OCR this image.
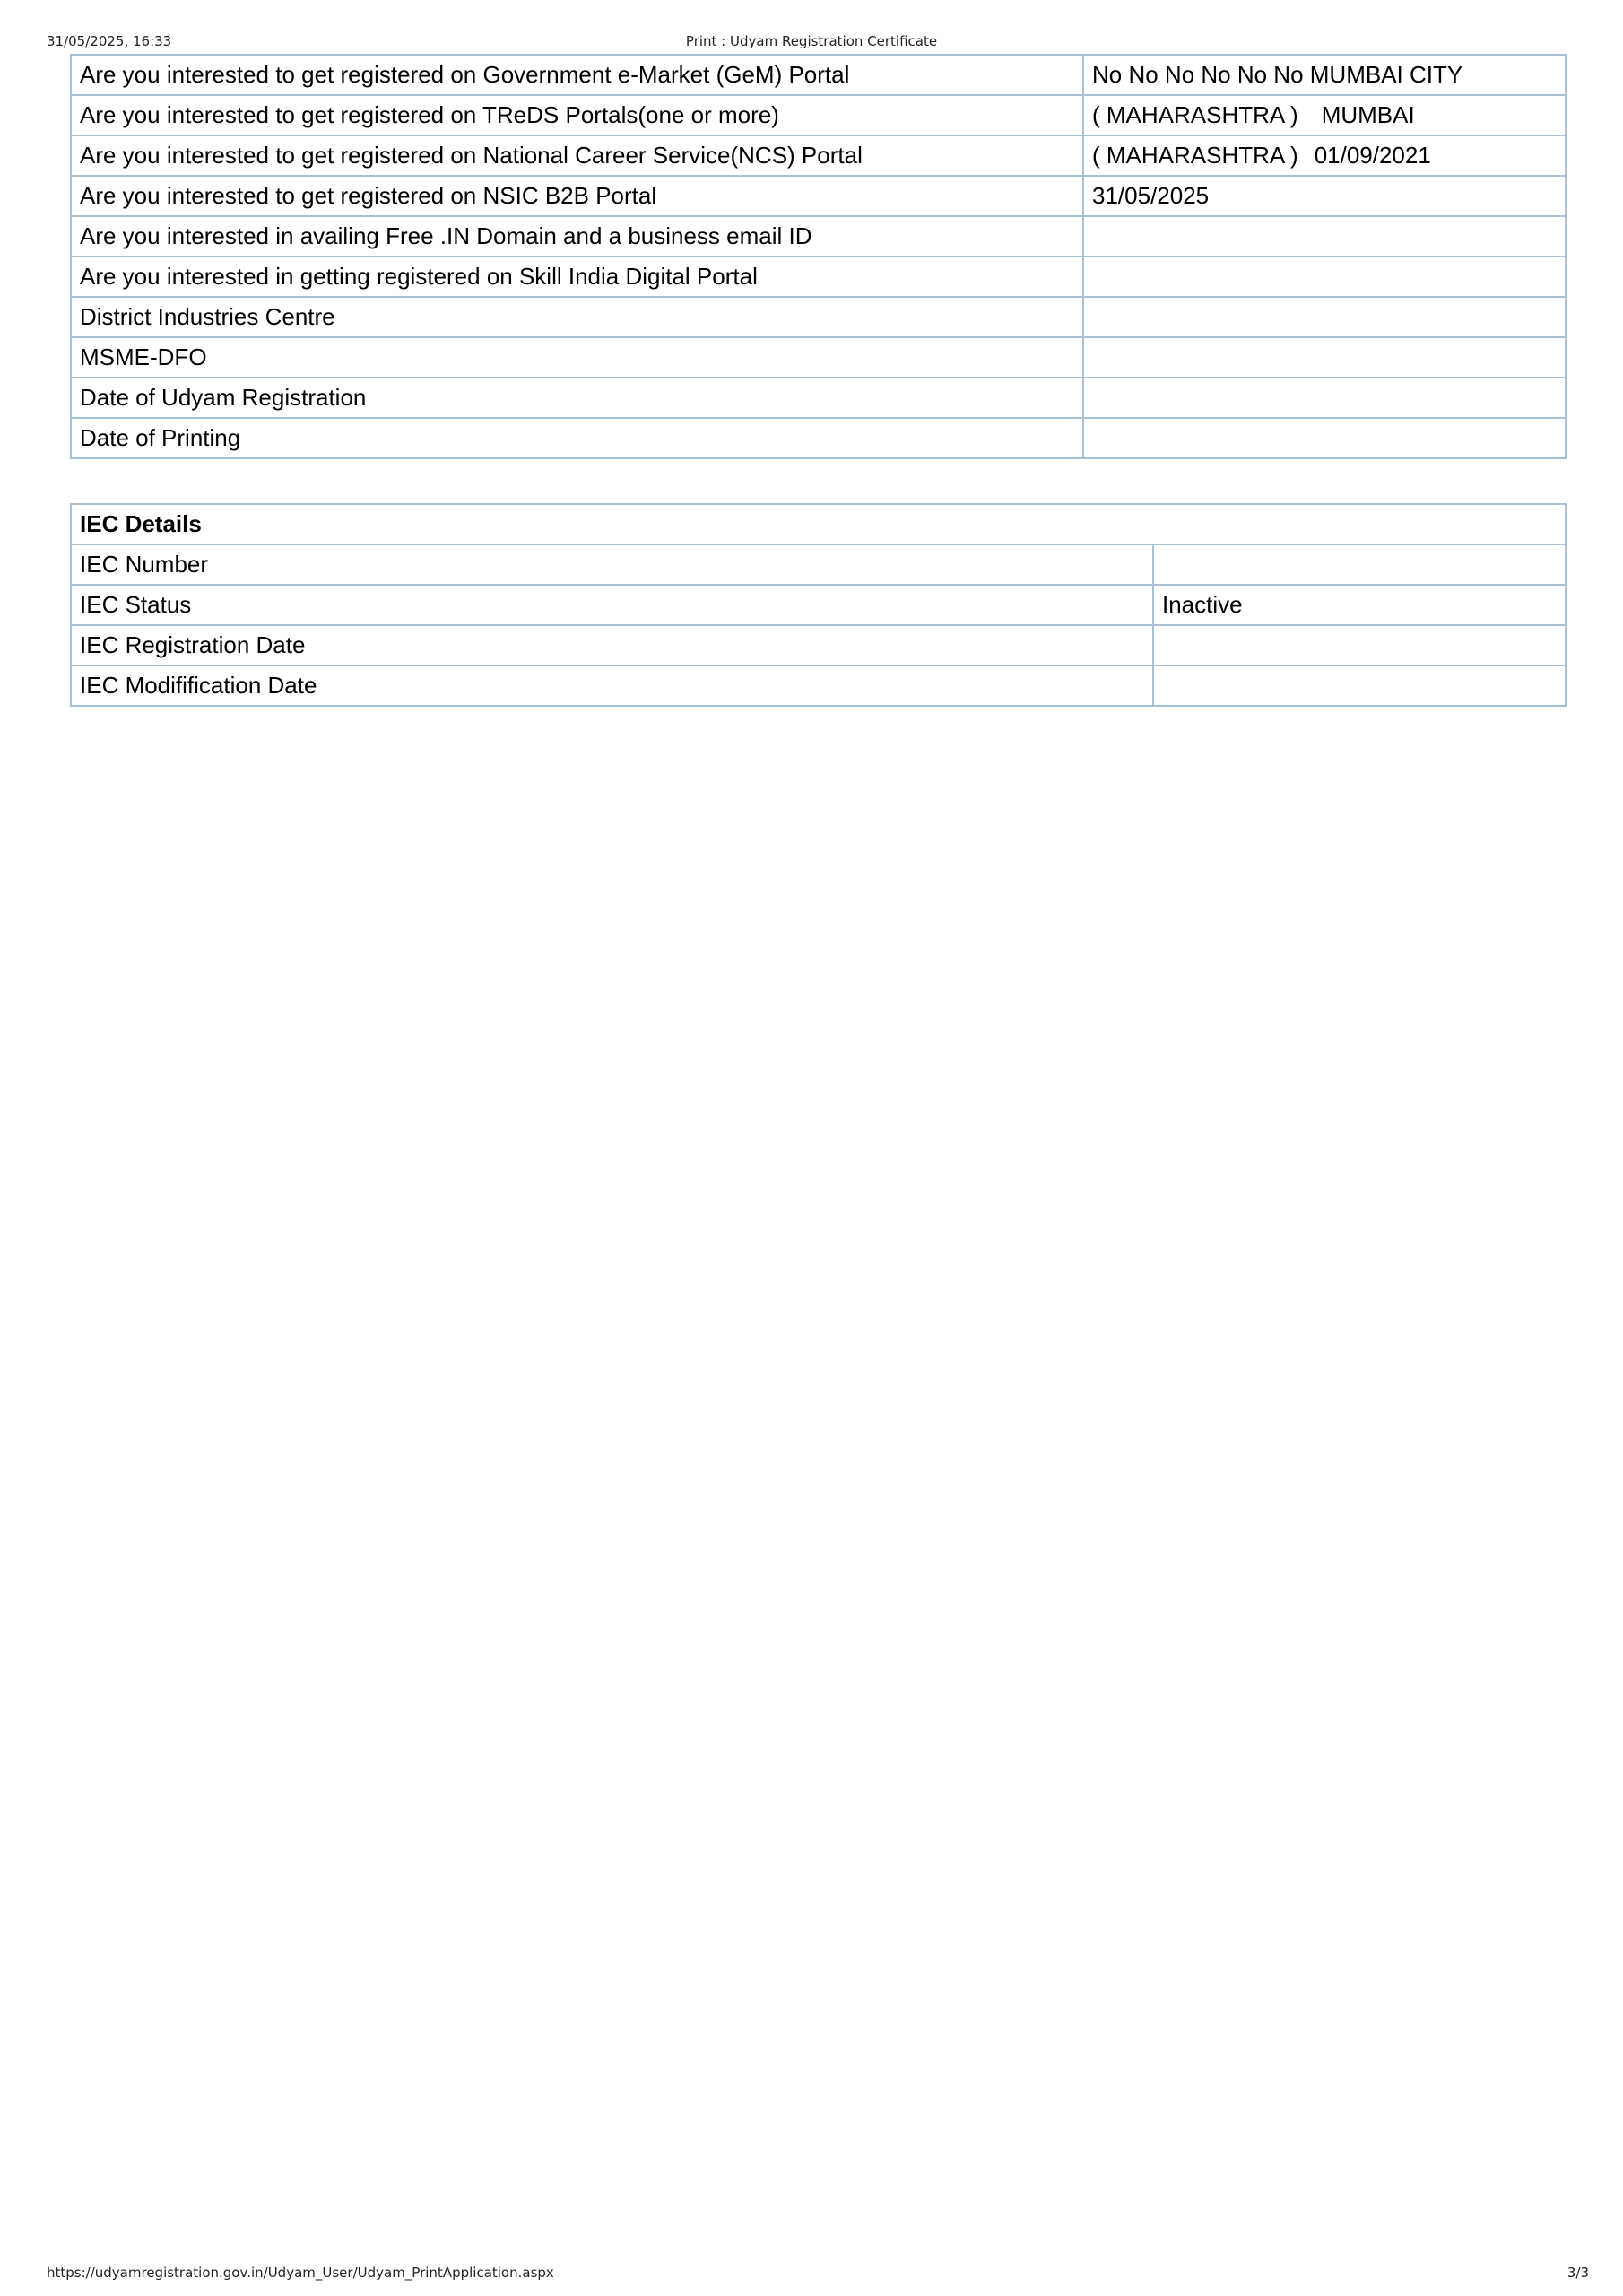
31/05/2025, 16:33	Print : Udyam Registration Certificate
Are you interested to get registered on Government e-Market (GeM) Portal	No No No No No No MUMBAI CITY
Are you interested to get registered on TReDS Portals(one or more)	( MAHARASHTRA ) MUMBAI
Are you interested to get registered on National Career Service(NCS) Portal	( MAHARASHTRA ) 01/09/2021
Are you interested to get registered on NSIC B2B Portal	31/05/2025
Are you interested in availing Free .IN Domain and a business email ID	
Are you interested in getting registered on Skill India Digital Portal	
District Industries Centre	
MSME-DFO	
Date of Udyam Registration	
Date of Printing	
IEC Details	
IEC Number	
IEC Status	Inactive
IEC Registration Date	
IEC Modifification Date	
https://udyamregistration.gov.in/Udyam_User/Udyam_PrintApplication.aspx	3/3
